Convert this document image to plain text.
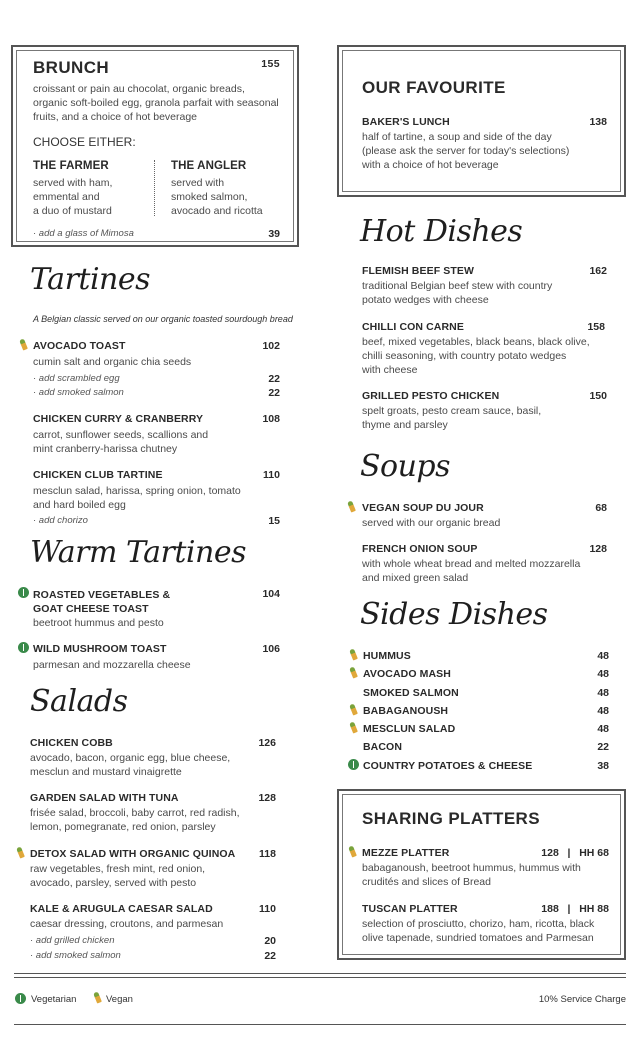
BRUNCH	155
croissant or pain au chocolat, organic breads,
organic soft-boiled egg, granola parfait with seasonal
fruits, and a choice of hot beverage
CHOOSE EITHER:
THE FARMER
served with ham,
emmental and
a duo of mustard
THE ANGLER
served with
smoked salmon,
avocado and ricotta
· add a glass of Mimosa	39
Tartines
A Belgian classic served on our organic toasted sourdough bread
AVOCADO TOAST	102
cumin salt and organic chia seeds
· add scrambled egg	22
· add smoked salmon	22
CHICKEN CURRY & CRANBERRY	108
carrot, sunflower seeds, scallions and
mint cranberry-harissa chutney
CHICKEN CLUB TARTINE	110
mesclun salad, harissa, spring onion, tomato
and hard boiled egg
· add chorizo	15
Warm Tartines
ROASTED VEGETABLES &
GOAT CHEESE TOAST
104
beetroot hummus and pesto
WILD MUSHROOM TOAST	106
parmesan and mozzarella cheese
Salads
CHICKEN COBB	126
avocado, bacon, organic egg, blue cheese,
mesclun and mustard vinaigrette
GARDEN SALAD WITH TUNA	128
frisée salad, broccoli, baby carrot, red radish,
lemon, pomegranate, red onion, parsley
DETOX SALAD WITH ORGANIC QUINOA	118
raw vegetables, fresh mint, red onion,
avocado, parsley, served with pesto
KALE & ARUGULA CAESAR SALAD	110
caesar dressing, croutons, and parmesan
· add grilled chicken	20
· add smoked salmon	22
OUR FAVOURITE
BAKER'S LUNCH	138
half of tartine, a soup and side of the day
(please ask the server for today's selections)
with a choice of hot beverage
Hot Dishes
FLEMISH BEEF STEW	162
traditional Belgian beef stew with country
potato wedges with cheese
CHILLI CON CARNE	158
beef, mixed vegetables, black beans, black olive,
chilli seasoning, with country potato wedges
with cheese
GRILLED PESTO CHICKEN	150
spelt groats, pesto cream sauce, basil,
thyme and parsley
Soups
VEGAN SOUP DU JOUR	68
served with our organic bread
FRENCH ONION SOUP	128
with whole wheat bread and melted mozzarella
and mixed green salad
Sides Dishes
HUMMUS	48
AVOCADO MASH	48
SMOKED SALMON	48
BABAGANOUSH	48
MESCLUN SALAD	48
BACON	22
COUNTRY POTATOES & CHEESE	38
SHARING PLATTERS
MEZZE PLATTER	128   |   HH 68
babaganoush, beetroot hummus, hummus with
crudités and slices of Bread
TUSCAN PLATTER	188   |   HH 88
selection of prosciutto, chorizo, ham, ricotta, black
olive tapenade, sundried tomatoes and Parmesan
Vegetarian	Vegan	10% Service Charge
